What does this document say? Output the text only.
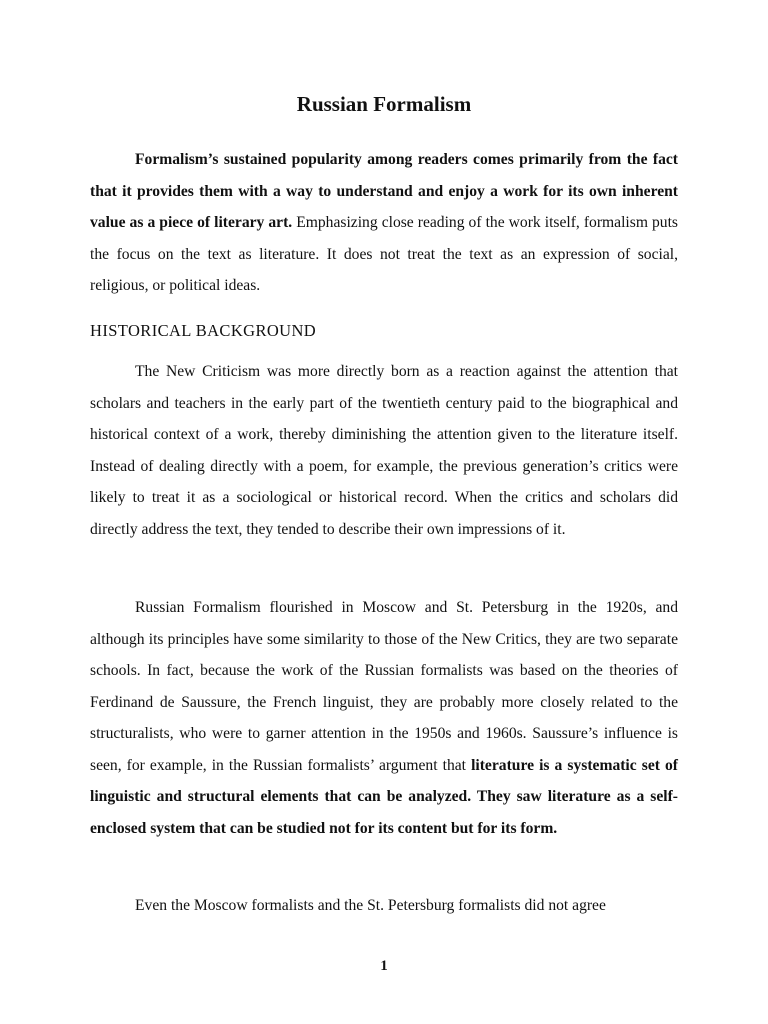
Russian Formalism

Formalism’s sustained popularity among readers comes primarily from the fact that it provides them with a way to understand and enjoy a work for its own inherent value as a piece of literary art. Emphasizing close reading of the work itself, formalism puts the focus on the text as literature. It does not treat the text as an expression of social, religious, or political ideas.

HISTORICAL BACKGROUND

The New Criticism was more directly born as a reaction against the attention that scholars and teachers in the early part of the twentieth century paid to the biographical and historical context of a work, thereby diminishing the attention given to the literature itself. Instead of dealing directly with a poem, for example, the previous generation’s critics were likely to treat it as a sociological or historical record. When the critics and scholars did directly address the text, they tended to describe their own impressions of it.

Russian Formalism flourished in Moscow and St. Petersburg in the 1920s, and although its principles have some similarity to those of the New Critics, they are two separate schools. In fact, because the work of the Russian formalists was based on the theories of Ferdinand de Saussure, the French linguist, they are probably more closely related to the structuralists, who were to garner attention in the 1950s and 1960s. Saussure’s influence is seen, for example, in the Russian formalists’ argument that literature is a systematic set of linguistic and structural elements that can be analyzed. They saw literature as a self-enclosed system that can be studied not for its content but for its form.

Even the Moscow formalists and the St. Petersburg formalists did not agree

1
